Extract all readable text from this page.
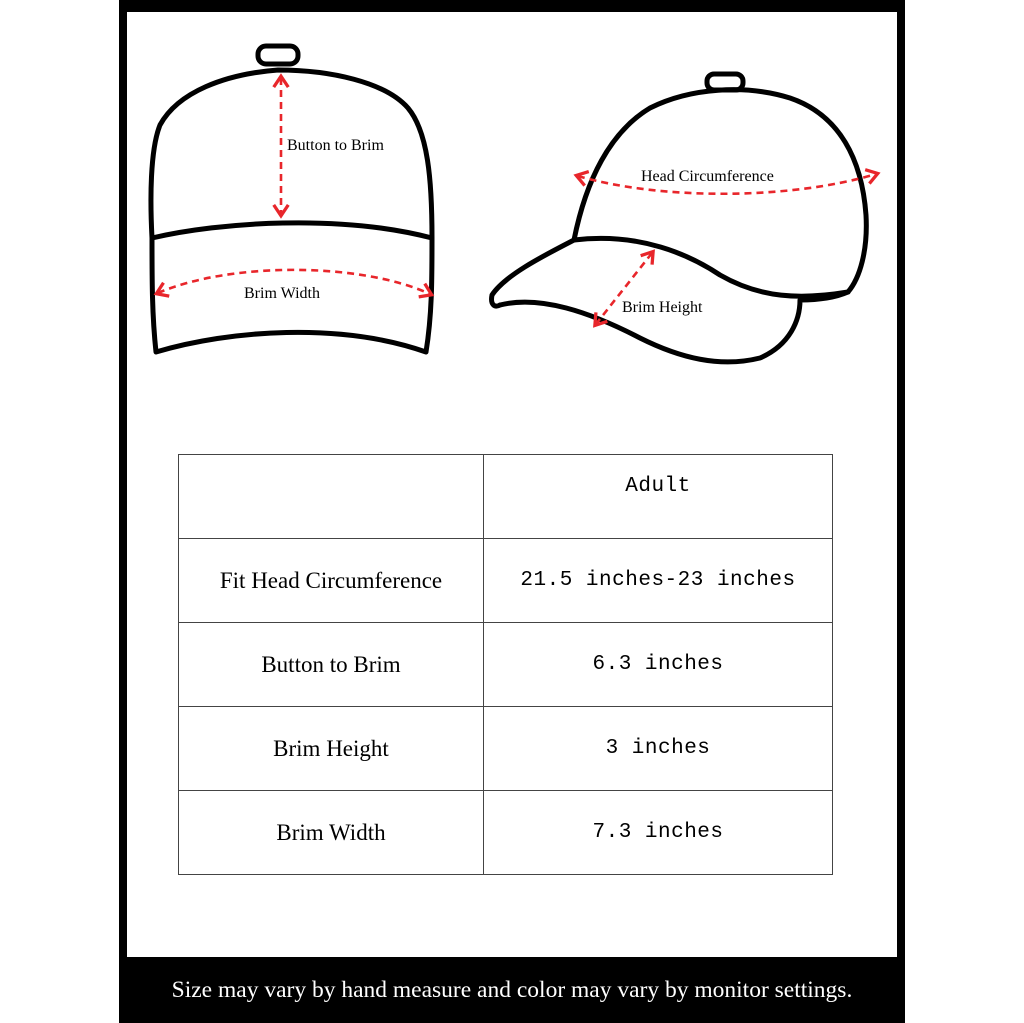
Button to Brim
Brim Width
Head Circumference
Brim Height
	Adult
Fit Head Circumference	21.5 inches-23 inches
Button to Brim	6.3 inches
Brim Height	3 inches
Brim Width	7.3 inches
Size may vary by hand measure and color may vary by monitor settings.
